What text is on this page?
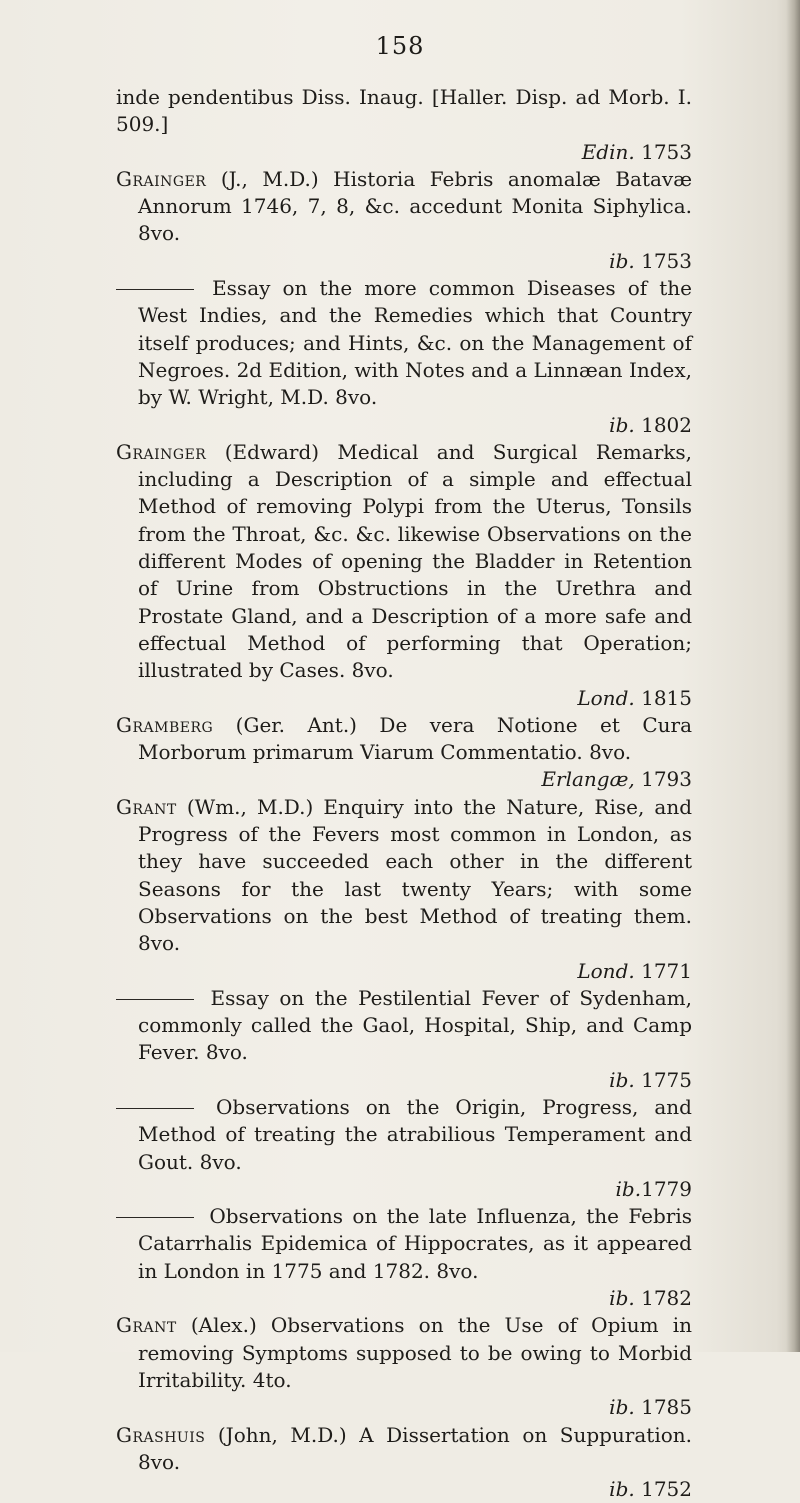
158

inde pendentibus Diss. Inaug. [Haller. Disp. ad Morb. I. 509.]
Edin. 1753

Grainger (J., M.D.) Historia Febris anomalæ Batavæ Annorum 1746, 7, 8, &c. accedunt Monita Siphylica. 8vo.
ib. 1753

Essay on the more common Diseases of the West Indies, and the Remedies which that Country itself produces; and Hints, &c. on the Management of Negroes. 2d Edition, with Notes and a Linnæan Index, by W. Wright, M.D. 8vo.
ib. 1802

Grainger (Edward) Medical and Surgical Remarks, including a Description of a simple and effectual Method of removing Polypi from the Uterus, Tonsils from the Throat, &c. &c. likewise Observations on the different Modes of opening the Bladder in Retention of Urine from Obstructions in the Urethra and Prostate Gland, and a Description of a more safe and effectual Method of performing that Operation; illustrated by Cases. 8vo.
Lond. 1815

Gramberg (Ger. Ant.) De vera Notione et Cura Morborum primarum Viarum Commentatio. 8vo.
Erlangæ, 1793

Grant (Wm., M.D.) Enquiry into the Nature, Rise, and Progress of the Fevers most common in London, as they have succeeded each other in the different Seasons for the last twenty Years; with some Observations on the best Method of treating them. 8vo.
Lond. 1771

Essay on the Pestilential Fever of Sydenham, commonly called the Gaol, Hospital, Ship, and Camp Fever. 8vo.
ib. 1775

Observations on the Origin, Progress, and Method of treating the atrabilious Temperament and Gout. 8vo.
ib.1779

Observations on the late Influenza, the Febris Catarrhalis Epidemica of Hippocrates, as it appeared in London in 1775 and 1782. 8vo.
ib. 1782

Grant (Alex.) Observations on the Use of Opium in removing Symptoms supposed to be owing to Morbid Irritability. 4to.
ib. 1785

Grashuis (John, M.D.) A Dissertation on Suppuration. 8vo.
ib. 1752
